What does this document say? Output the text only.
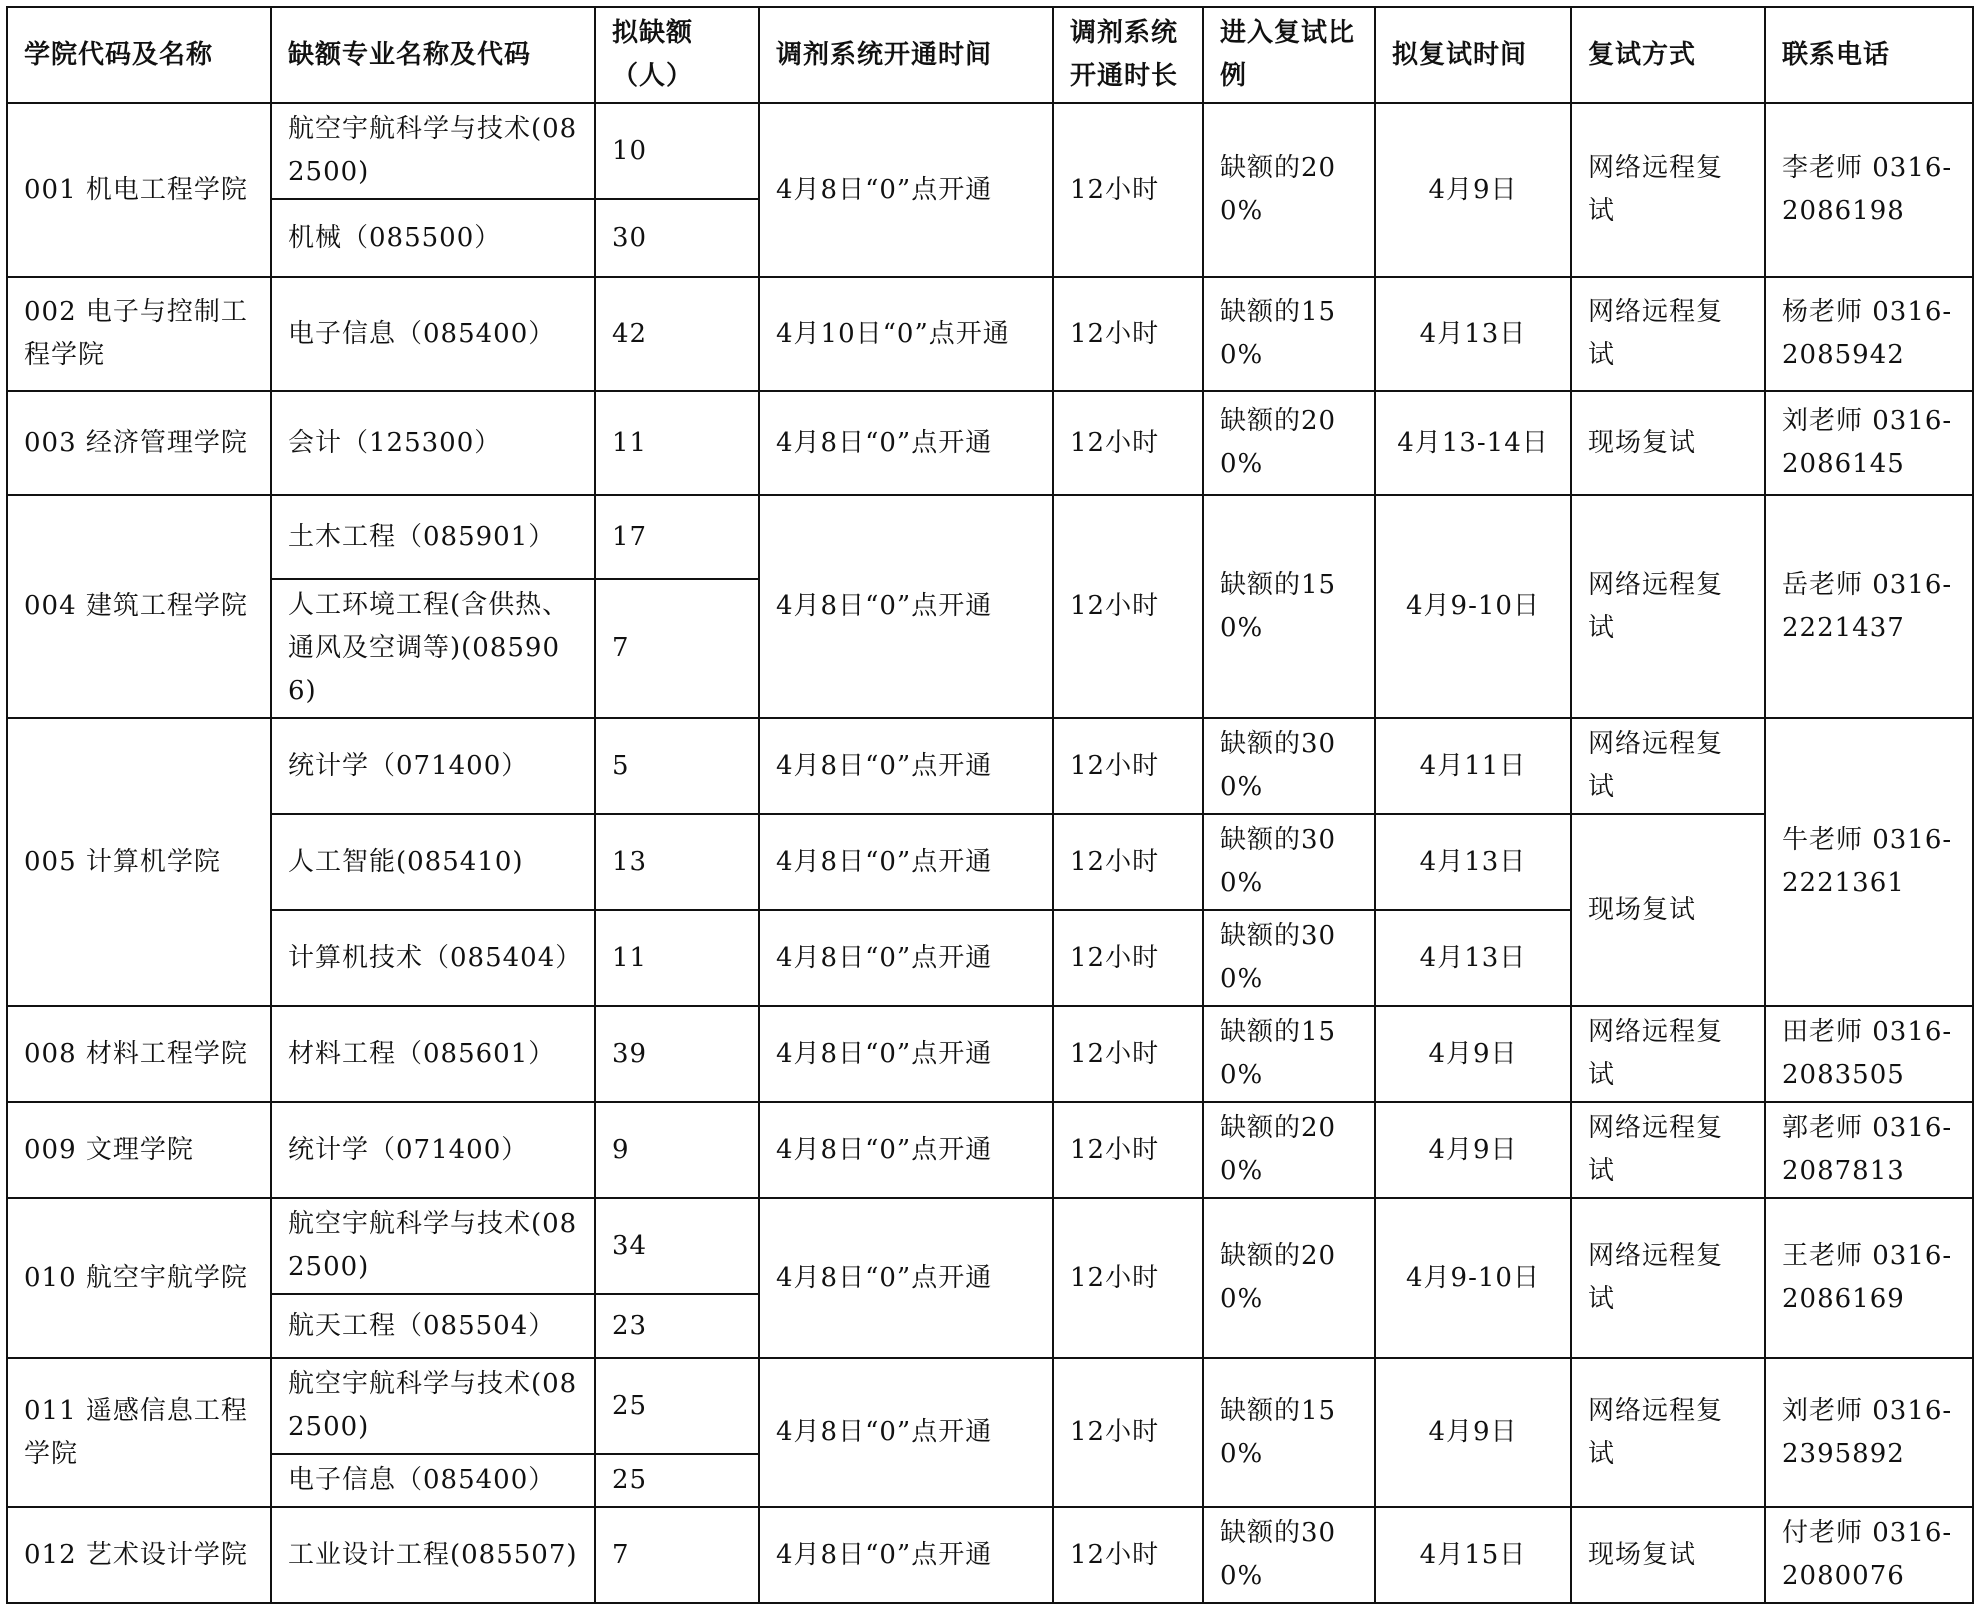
学院代码及名称	缺额专业名称及代码	拟缺额（人）	调剂系统开通时间	调剂系统开通时长	进入复试比例	拟复试时间	复试方式	联系电话
001 机电工程学院	航空宇航科学与技术(082500)	10	4月8日“0”点开通	12小时	缺额的200%	4月9日	网络远程复试	李老师 0316-2086198
	机械（085500）	30						
002 电子与控制工程学院	电子信息（085400）	42	4月10日“0”点开通	12小时	缺额的150%	4月13日	网络远程复试	杨老师 0316-2085942
003 经济管理学院	会计（125300）	11	4月8日“0”点开通	12小时	缺额的200%	4月13-14日	现场复试	刘老师 0316-2086145
004 建筑工程学院	土木工程（085901）	17	4月8日“0”点开通	12小时	缺额的150%	4月9-10日	网络远程复试	岳老师 0316-2221437
	人工环境工程(含供热、通风及空调等)(085906)	7						
005 计算机学院	统计学（071400）	5	4月8日“0”点开通	12小时	缺额的300%	4月11日	网络远程复试	牛老师 0316-2221361
	人工智能(085410)	13	4月8日“0”点开通	12小时	缺额的300%	4月13日	现场复试	
	计算机技术（085404）	11	4月8日“0”点开通	12小时	缺额的300%	4月13日		
008 材料工程学院	材料工程（085601）	39	4月8日“0”点开通	12小时	缺额的150%	4月9日	网络远程复试	田老师 0316-2083505
009 文理学院	统计学（071400）	9	4月8日“0”点开通	12小时	缺额的200%	4月9日	网络远程复试	郭老师 0316-2087813
010 航空宇航学院	航空宇航科学与技术(082500)	34	4月8日“0”点开通	12小时	缺额的200%	4月9-10日	网络远程复试	王老师 0316-2086169
	航天工程（085504）	23						
011 遥感信息工程学院	航空宇航科学与技术(082500)	25	4月8日“0”点开通	12小时	缺额的150%	4月9日	网络远程复试	刘老师 0316-2395892
	电子信息（085400）	25						
012 艺术设计学院	工业设计工程(085507)	7	4月8日“0”点开通	12小时	缺额的300%	4月15日	现场复试	付老师 0316-2080076
